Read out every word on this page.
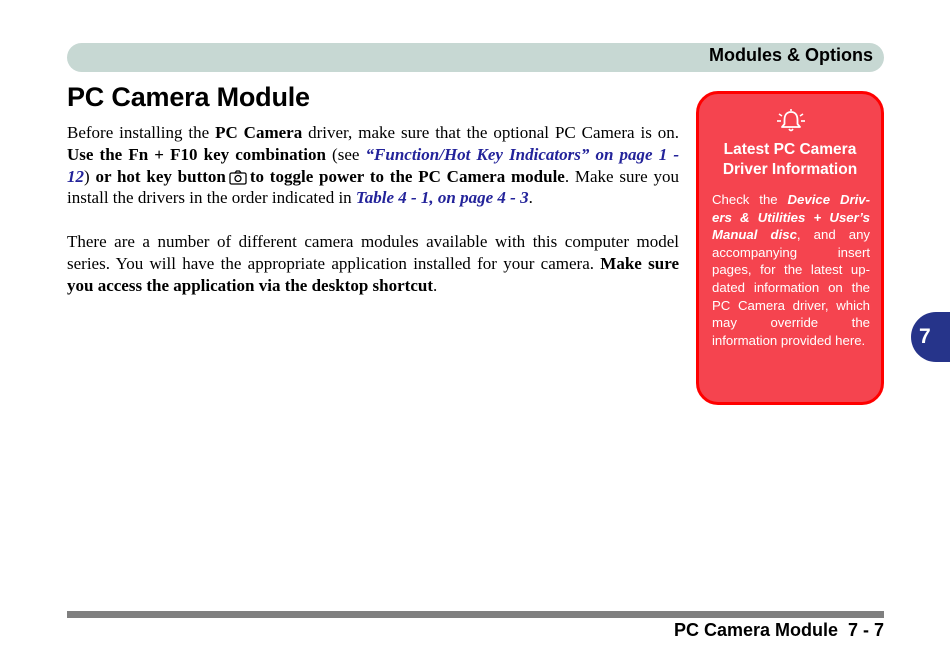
Modules & Options
PC Camera Module

Before installing the PC Camera driver, make sure that the optional PC Camera is on. Use the Fn + F10 key combination (see “Function/Hot Key Indicators” on page 1 - 12) or hot key button to toggle power to the PC Camera module. Make sure you install the drivers in the order indicated in Table 4 - 1, on page 4 - 3.

There are a number of different camera modules available with this computer model series. You will have the appropriate application installed for your camera. Make sure you access the application via the desktop shortcut.

Latest PC Camera
Driver Information
Check the Device Driv-ers & Utilities + User’s Manual disc, and any accompanying insert pages, for the latest up-dated information on the PC Camera driver, which may override the information provided here.	7
PC Camera Module  7 - 7
